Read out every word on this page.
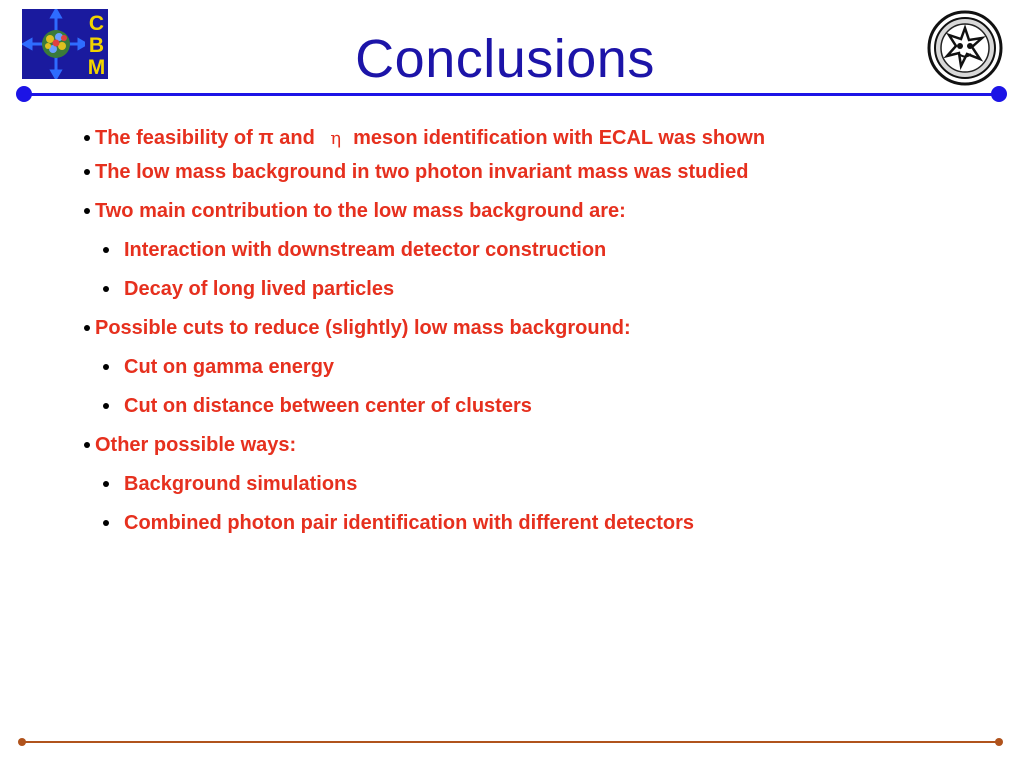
C
B
M	Conclusions
The feasibility of π and η meson identification with ECAL was shown
The low mass background in two photon invariant mass was studied
Two main contribution to the low mass background are:
Interaction with downstream detector construction
Decay of long lived particles
Possible cuts to reduce (slightly) low mass background:
Cut on gamma energy
Cut on distance between center of clusters
Other possible ways:
Background simulations
Combined photon pair identification with different detectors
